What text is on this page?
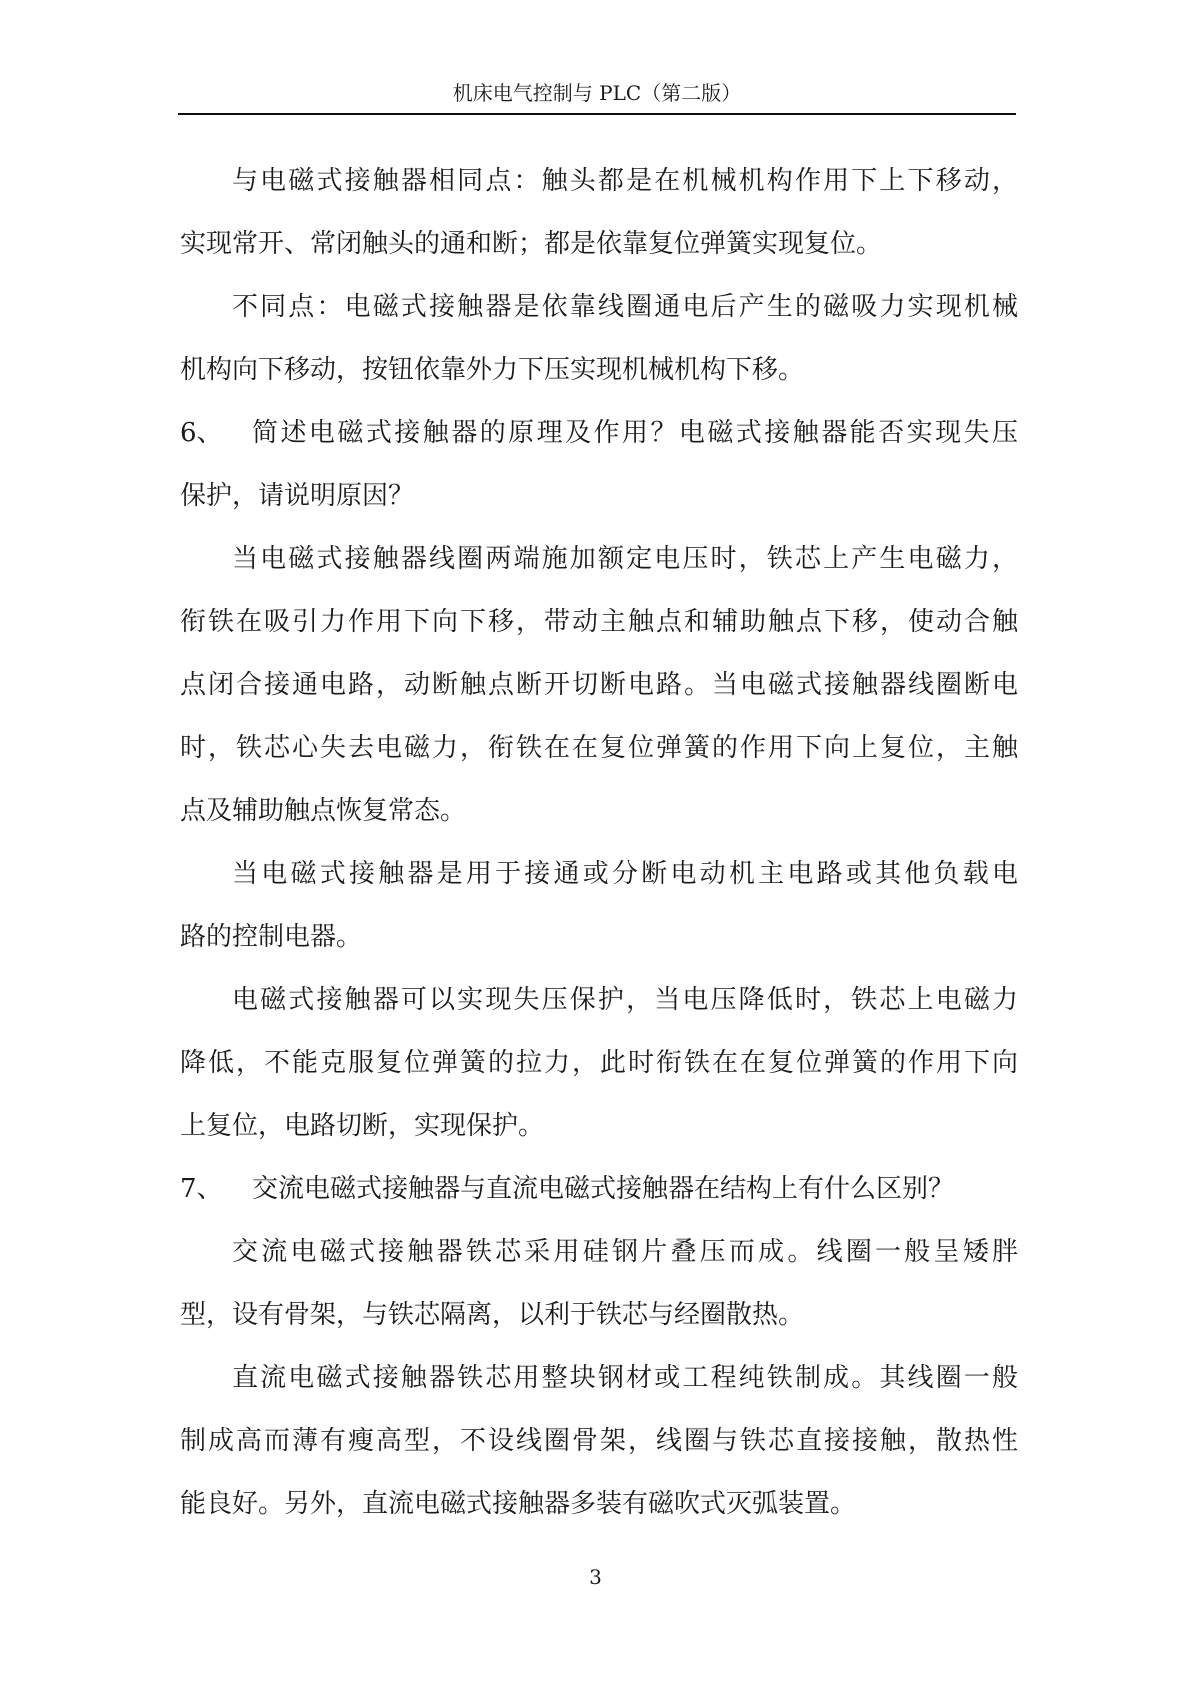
机床电气控制与 PLC（第二版）
与电磁式接触器相同点：触头都是在机械机构作用下上下移动，
实现常开、常闭触头的通和断；都是依靠复位弹簧实现复位。
不同点：电磁式接触器是依靠线圈通电后产生的磁吸力实现机械
机构向下移动，按钮依靠外力下压实现机械机构下移。
6、	简述电磁式接触器的原理及作用？电磁式接触器能否实现失压
保护，请说明原因？
当电磁式接触器线圈两端施加额定电压时，铁芯上产生电磁力，
衔铁在吸引力作用下向下移，带动主触点和辅助触点下移，使动合触
点闭合接通电路，动断触点断开切断电路。当电磁式接触器线圈断电
时，铁芯心失去电磁力，衔铁在在复位弹簧的作用下向上复位，主触
点及辅助触点恢复常态。
当电磁式接触器是用于接通或分断电动机主电路或其他负载电
路的控制电器。
电磁式接触器可以实现失压保护，当电压降低时，铁芯上电磁力
降低，不能克服复位弹簧的拉力，此时衔铁在在复位弹簧的作用下向
上复位，电路切断，实现保护。
7、	交流电磁式接触器与直流电磁式接触器在结构上有什么区别？
交流电磁式接触器铁芯采用硅钢片叠压而成。线圈一般呈矮胖
型，设有骨架，与铁芯隔离，以利于铁芯与经圈散热。
直流电磁式接触器铁芯用整块钢材或工程纯铁制成。其线圈一般
制成高而薄有瘦高型，不设线圈骨架，线圈与铁芯直接接触，散热性
能良好。另外，直流电磁式接触器多装有磁吹式灭弧装置。
3
